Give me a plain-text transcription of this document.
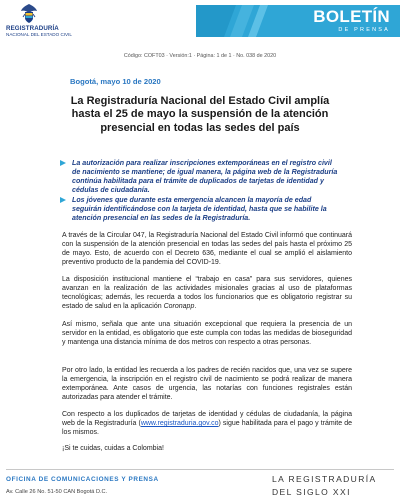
REGISTRADURÍA
NACIONAL DEL ESTADO CIVIL
BOLETÍN
DE PRENSA
Código: COFT03 · Versión:1 · Página: 1 de 1 · No. 038 de 2020
Bogotá, mayo 10 de 2020
La Registraduría Nacional del Estado Civil amplía hasta el 25 de mayo la suspensión de la atención presencial en todas las sedes del país
La autorización para realizar inscripciones extemporáneas en el registro civil de nacimiento se mantiene; de igual manera, la página web de la Registraduría continúa habilitada para el trámite de duplicados de tarjetas de identidad y cédulas de ciudadanía.
Los jóvenes que durante esta emergencia alcancen la mayoría de edad seguirán identificándose con la tarjeta de identidad, hasta que se habilite la atención presencial en las sedes de la Registraduría.
A través de la Circular 047, la Registraduría Nacional del Estado Civil informó que continuará con la suspensión de la atención presencial en todas las sedes del país hasta el próximo 25 de mayo. Esto, de acuerdo con el Decreto 636, mediante el cual se amplió el aislamiento preventivo producto de la pandemia del COVID-19.
La disposición institucional mantiene el “trabajo en casa” para sus servidores, quienes avanzan en la realización de las actividades misionales gracias al uso de plataformas tecnológicas; además, les recuerda a todos los funcionarios que es obligatorio registrar su estado de salud en la aplicación Coronapp.
Así mismo, señala que ante una situación excepcional que requiera la presencia de un servidor en la entidad, es obligatorio que este cumpla con todas las medidas de bioseguridad y mantenga una distancia mínima de dos metros con respecto a otras personas.
Por otro lado, la entidad les recuerda a los padres de recién nacidos que, una vez se supere la emergencia, la inscripción en el registro civil de nacimiento se podrá realizar de manera extemporánea. Ante casos de urgencia, las notarías con funciones registrales están autorizadas para atender el trámite.
Con respecto a los duplicados de tarjetas de identidad y cédulas de ciudadanía, la página web de la Registraduría (www.registraduria.gov.co) sigue habilitada para el pago y trámite de los mismos.
¡Si te cuidas, cuidas a Colombia!
OFICINA DE COMUNICACIONES Y PRENSA
Av. Calle 26 No. 51-50 CAN Bogotá D.C.
LA REGISTRADURÍA
DEL SIGLO XXI
